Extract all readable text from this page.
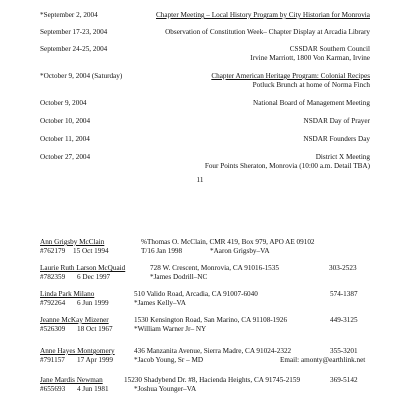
*September 2, 2004	Chapter Meeting – Local History Program by City Historian for Monrovia
September 17-23, 2004	Observation of Constitution Week– Chapter Display at Arcadia Library
September 24-25, 2004	CSSDAR Southern Council
Irvine Marriott, 1800 Von Karman, Irvine
*October 9, 2004 (Saturday)	Chapter American Heritage Program: Colonial Recipes
Potluck Brunch at home of Norma Finch
October 9, 2004	National Board of Management Meeting
October 10, 2004	NSDAR Day of Prayer
October 11, 2004	NSDAR Founders Day
October 27, 2004	District X Meeting
Four Points Sheraton, Monrovia (10:00 a.m. Detail TBA)
11
Ann Grigsby McClain	%Thomas O. McClain, CMR 419, Box 979, APO AE 09102
#762179 15 Oct 1994	T/16 Jan 1998	*Aaron Grigsby–VA
Laurie Ruth Larson McQuaid	728 W. Crescent, Monrovia, CA 91016-1535	303-2523
#782359 6 Dec 1997	*James Dodrill–NC
Linda Park Milano	510 Valido Road, Arcadia, CA 91007-6040	574-1387
#792264 6 Jun 1999	*James Kelly–VA
Jeanne McKay Mizener	1530 Kensington Road, San Marino, CA 91108-1926	449-3125
#526309 18 Oct 1967	*William Warner Jr– NY
Anne Hayes Montgomery	436 Manzanita Avenue, Sierra Madre, CA 91024-2322	355-3201
#791157 17 Apr 1999	*Jacob Young, Sr – MD	Email: amonty@earthlink.net
Jane Mardis Newman	15230 Shadybend Dr. #8, Hacienda Heights, CA 91745-2159	369-5142
#655693 4 Jun 1981	*Joshua Younger–VA
